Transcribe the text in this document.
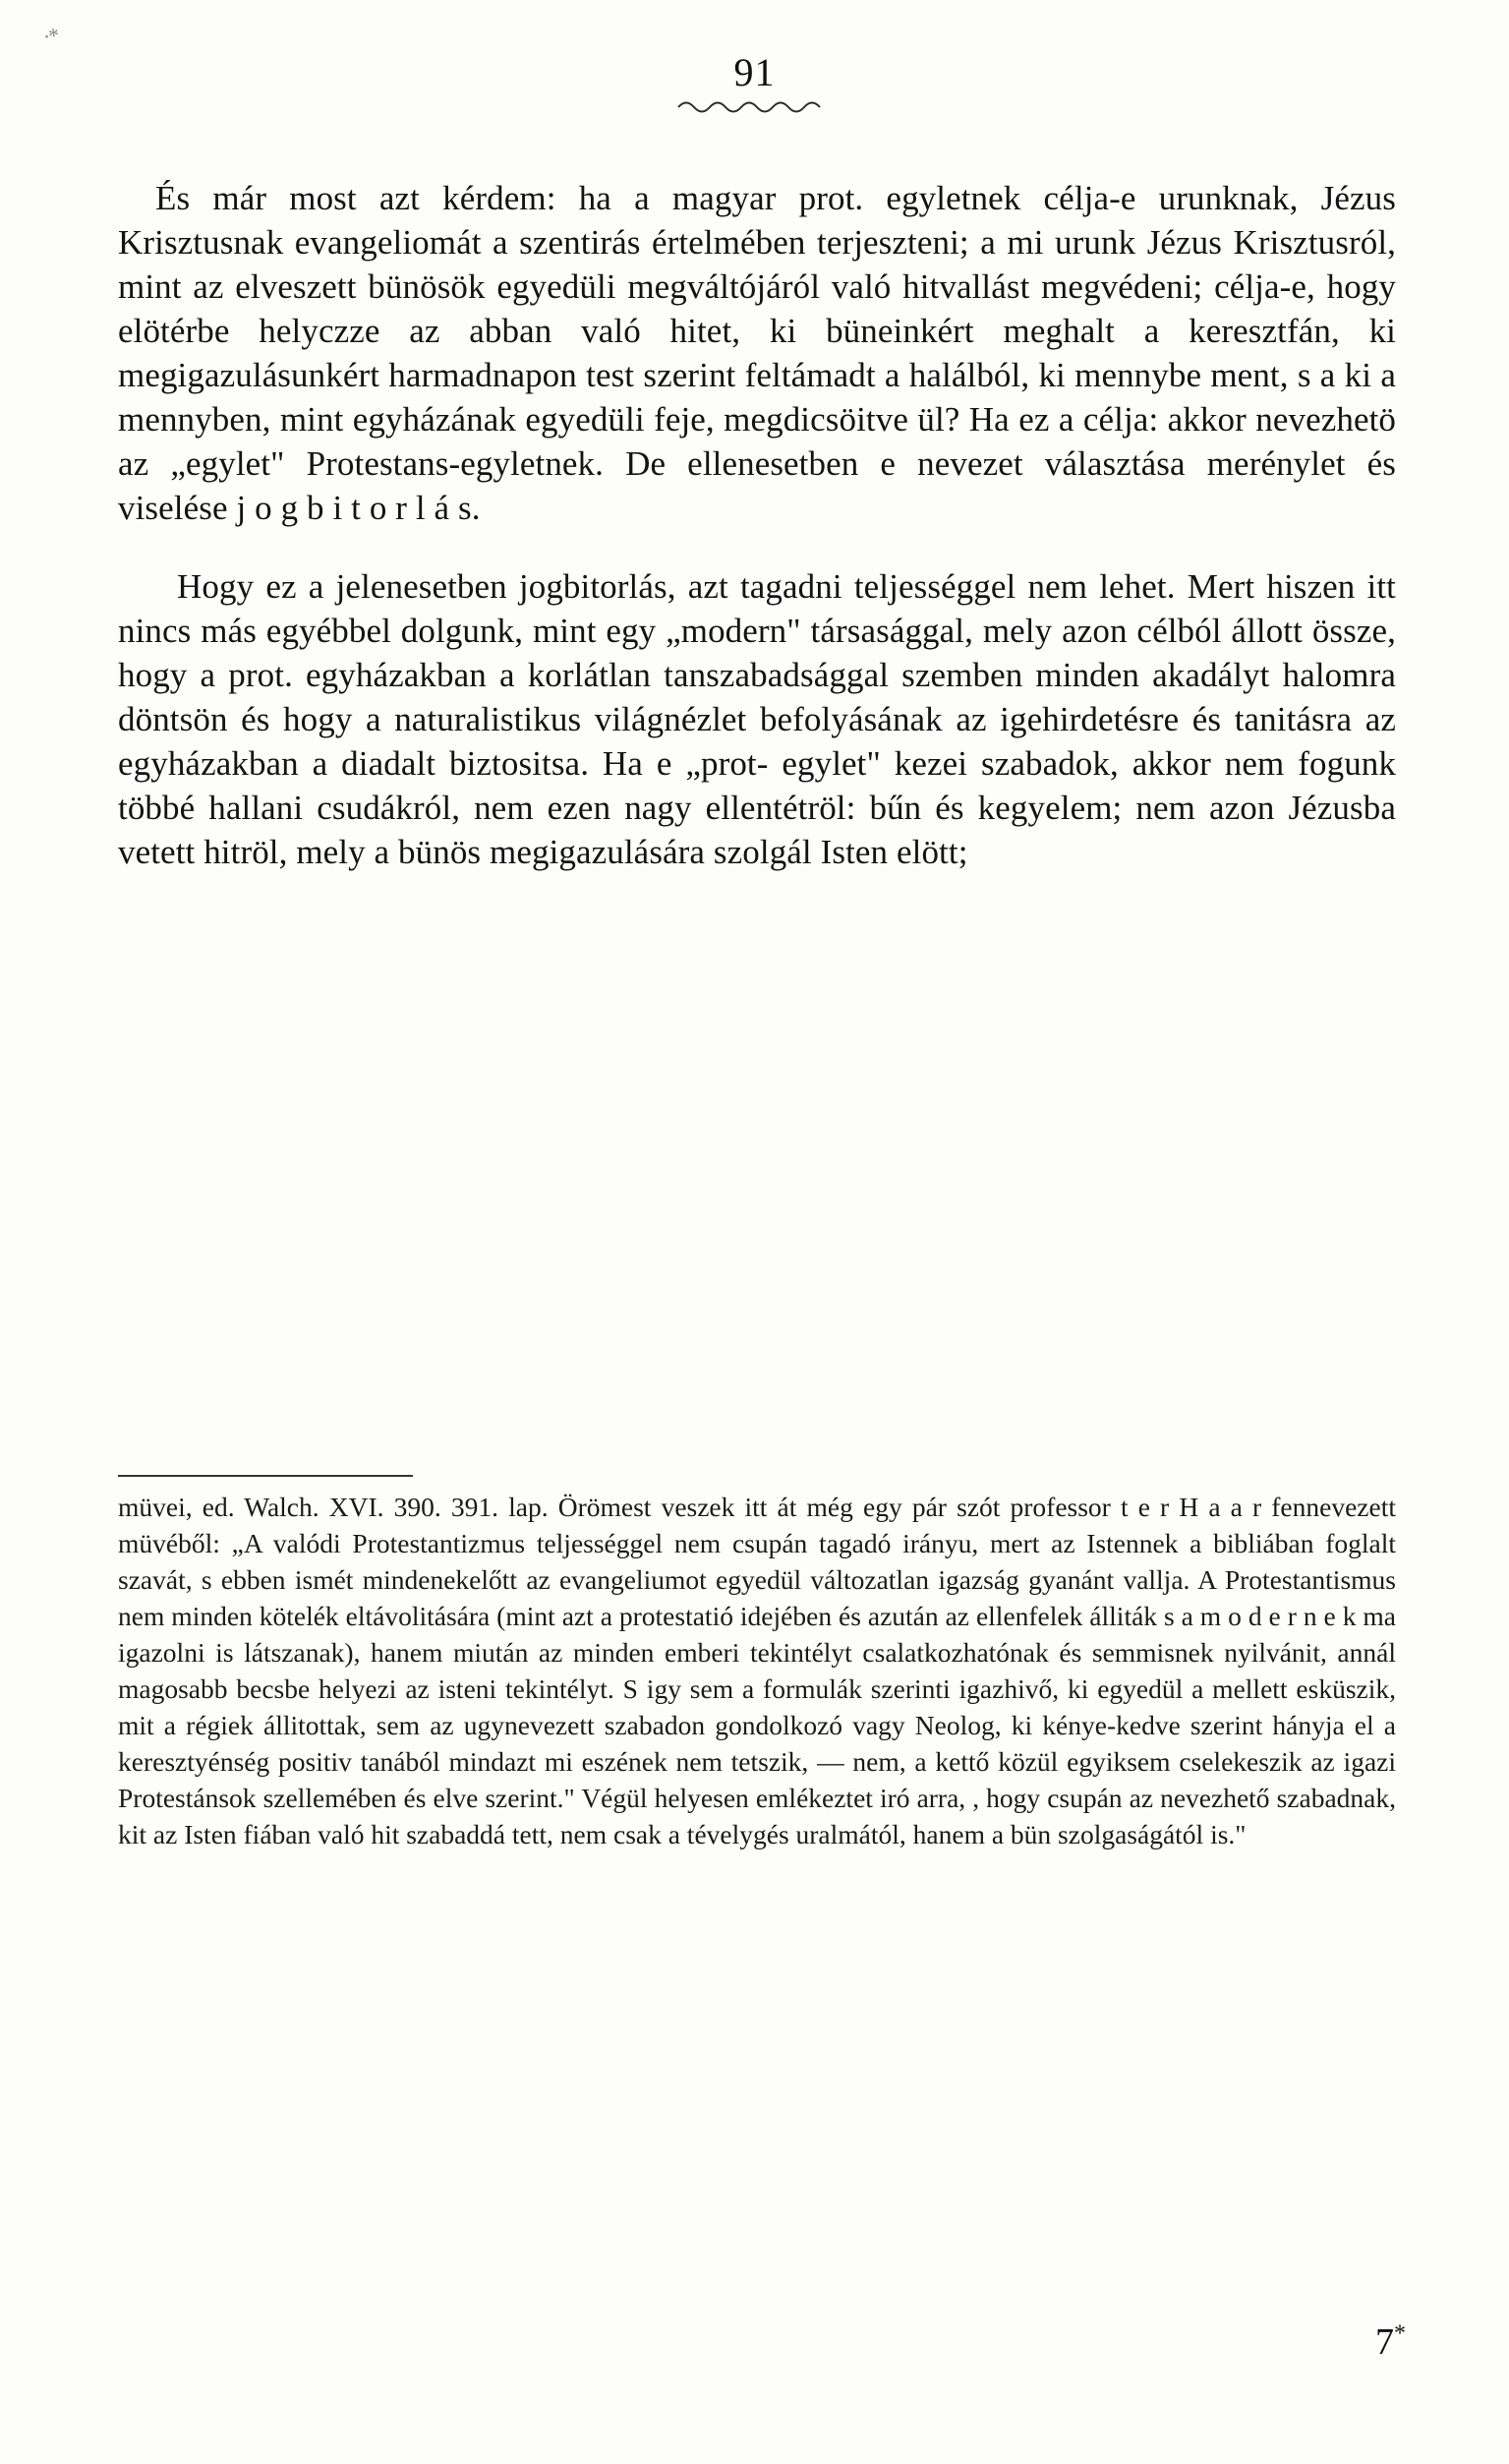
·*
91

És már most azt kérdem: ha a magyar prot. egyletnek célja-e urunknak, Jézus Krisztusnak evangeliomát a szentirás értelmében terjeszteni; a mi urunk Jézus Krisztusról, mint az elveszett bünösök egyedüli megváltójáról való hitvallást megvédeni; célja-e, hogy elötérbe helyczze az abban való hitet, ki büneinkért meghalt a keresztfán, ki megigazulásunkért harmadnapon test szerint feltámadt a halálból, ki mennybe ment, s a ki a mennyben, mint egyházának egyedüli feje, megdicsöitve ül? Ha ez a célja: akkor nevezhetö az „egylet" Protestans-egyletnek. De ellenesetben e nevezet választása merénylet és viselése j o g b i t o r l á s.

Hogy ez a jelenesetben jogbitorlás, azt tagadni teljességgel nem lehet. Mert hiszen itt nincs más egyébbel dolgunk, mint egy „modern" társasággal, mely azon célból állott össze, hogy a prot. egyházakban a korlátlan tanszabadsággal szemben minden akadályt halomra döntsön és hogy a naturalistikus világnézlet befolyásának az igehirdetésre és tanitásra az egyházakban a diadalt biztositsa. Ha e „prot- egylet" kezei szabadok, akkor nem fogunk többé hallani csudákról, nem ezen nagy ellentétröl: bűn és kegyelem; nem azon Jézusba vetett hitröl, mely a bünös megigazulására szolgál Isten elött;

müvei, ed. Walch. XVI. 390. 391. lap. Örömest veszek itt át még egy pár szót professor t e r H a a r fennevezett müvéből: „A valódi Protestantizmus teljességgel nem csupán tagadó irányu, mert az Istennek a bibliában foglalt szavát, s ebben ismét mindenekelőtt az evangeliumot egyedül változatlan igazság gyanánt vallja. A Protestantismus nem minden kötelék eltávolitására (mint azt a protestatió idejében és azután az ellenfelek álliták s a m o d e r n e k ma igazolni is látszanak), hanem miután az minden emberi tekintélyt csalatkozhatónak és semmisnek nyilvánit, annál magosabb becsbe helyezi az isteni tekintélyt. S igy sem a formulák szerinti igazhivő, ki egyedül a mellett esküszik, mit a régiek állitottak, sem az ugynevezett szabadon gondolkozó vagy Neolog, ki kénye-kedve szerint hányja el a keresztyénség positiv tanából mindazt mi eszének nem tetszik, — nem, a kettő közül egyiksem cselekeszik az igazi Protestánsok szellemében és elve szerint." Végül helyesen emlékeztet iró arra, , hogy csupán az nevezhető szabadnak, kit az Isten fiában való hit szabaddá tett, nem csak a tévelygés uralmától, hanem a bün szolgaságától is."
7*
